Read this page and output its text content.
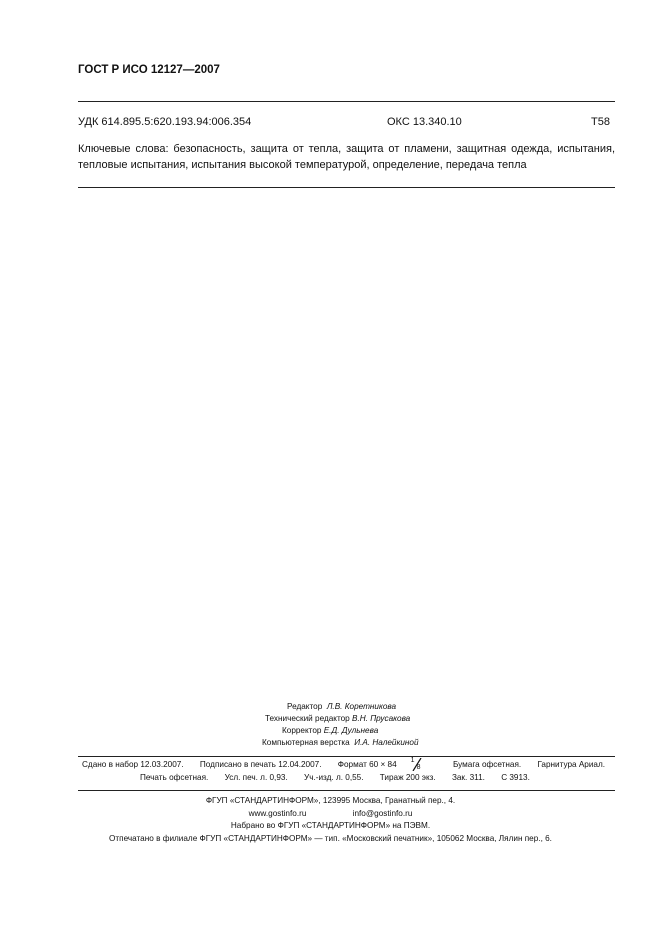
ГОСТ Р ИСО 12127—2007
УДК 614.895.5:620.193.94:006.354	ОКС 13.340.10	Т58
Ключевые слова: безопасность, защита от тепла, защита от пламени, защитная одежда, испытания, тепловые испытания, испытания высокой температурой, определение, передача тепла
Редактор Л.В. Коретникова
Технический редактор В.Н. Прусакова
Корректор Е.Д. Дульнева
Компьютерная верстка И.А. Налейкиной
Сдано в набор 12.03.2007. Подписано в печать 12.04.2007. Формат 60 × 84 1
8	Бумага офсетная. Гарнитура Ариал.
Печать офсетная. Усл. печ. л. 0,93. Уч.-изд. л. 0,55. Тираж 200 экз. Зак. 311. С 3913.
ФГУП «СТАНДАРТИНФОРМ», 123995 Москва, Гранатный пер., 4.
www.gostinfo.ru	info@gostinfo.ru
Набрано во ФГУП «СТАНДАРТИНФОРМ» на ПЭВМ.
Отпечатано в филиале ФГУП «СТАНДАРТИНФОРМ» — тип. «Московский печатник», 105062 Москва, Лялин пер., 6.
